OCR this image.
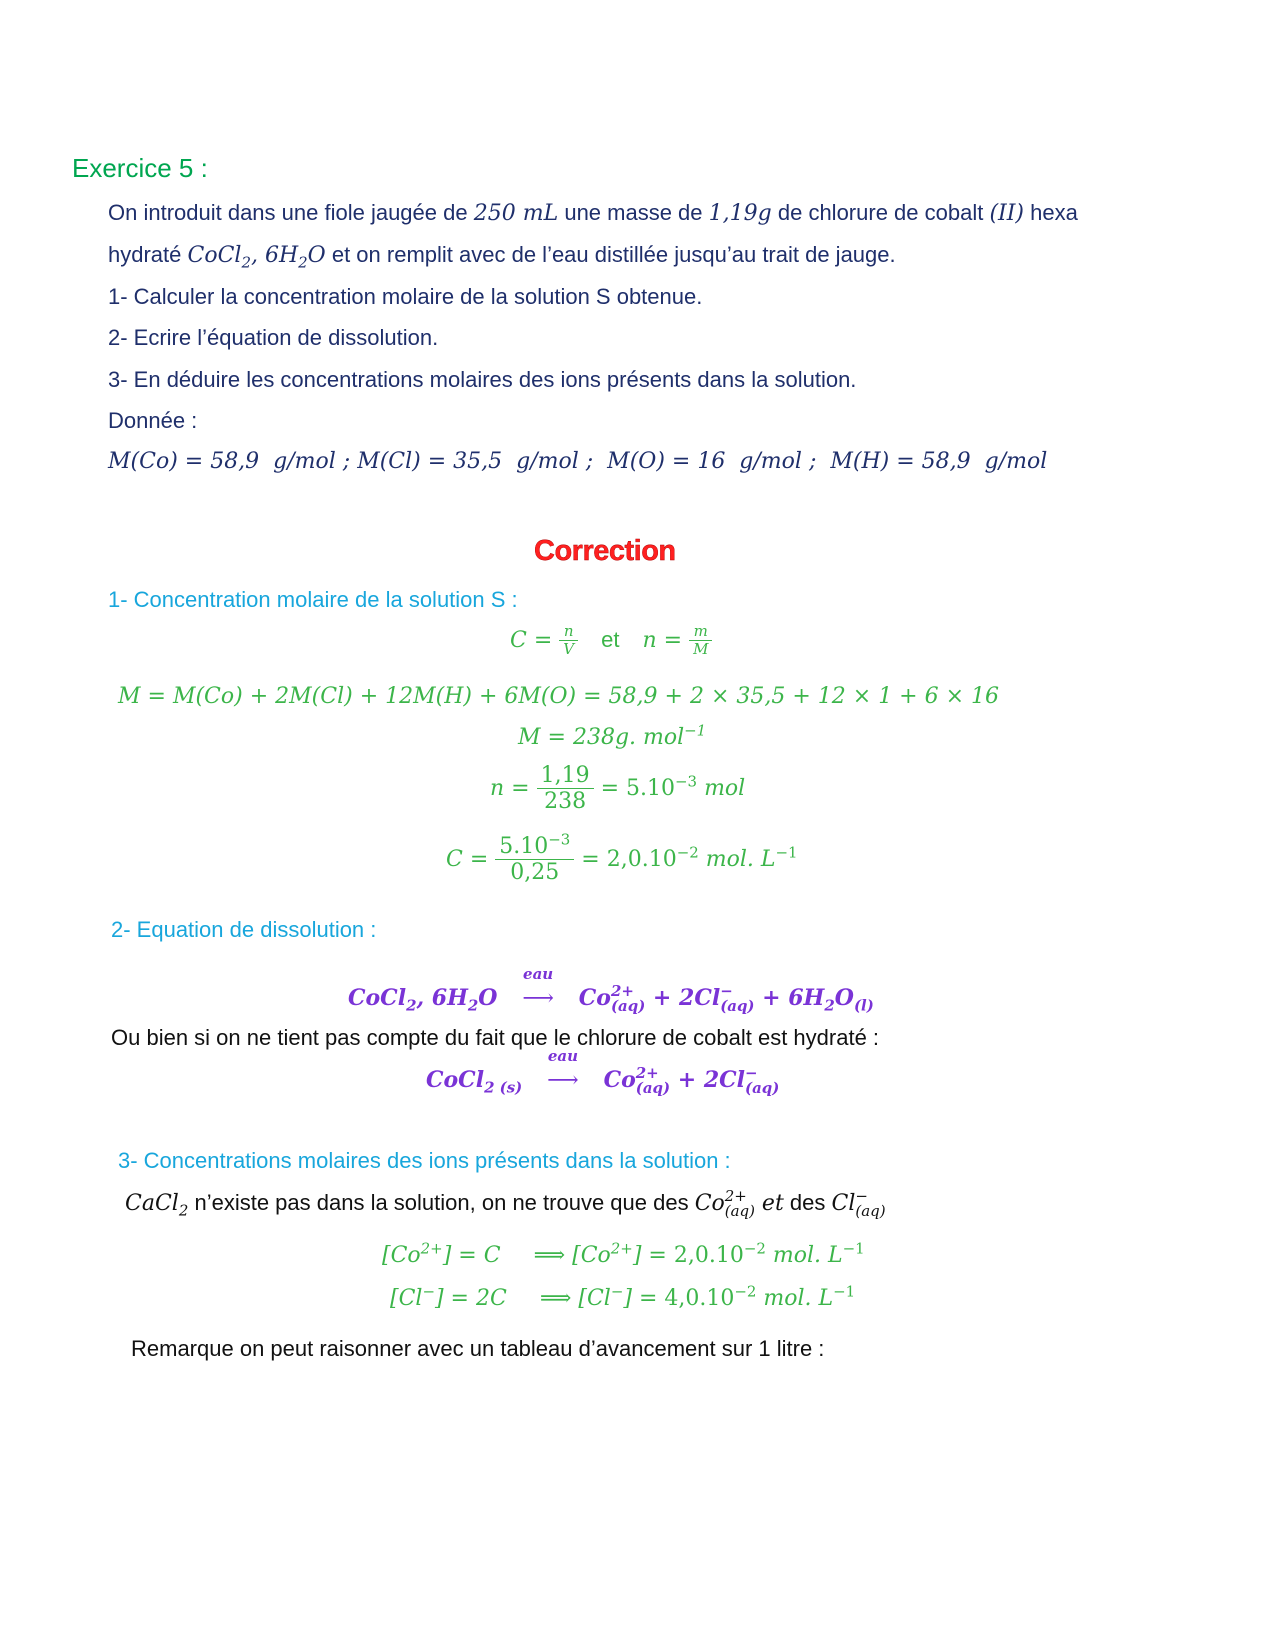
Exercice 5 :
On introduit dans une fiole jaugée de 250 mL une masse de 1,19g de chlorure de cobalt (II) hexa
hydraté CoCl$_2$, $6H_2O$ et on remplit avec de l’eau distillée jusqu’au trait de jauge.
1- Calculer la concentration molaire de la solution S obtenue.
2- Ecrire l’équation de dissolution.
3- En déduire les concentrations molaires des ions présents dans la solution.
Donnée :
M(Co) = 58,9  g/mol ; M(Cl) = 35,5  g/mol ;  M(O) = 16  g/mol ;  M(H) = 58,9  g/mol
Correction
1- Concentration molaire de la solution S :
$C = \frac{n}{V}$ et $n = \frac{m}{M}$
M = M(Co) + 2M(Cl) + 12M(H) + 6M(O) = 58,9 + 2 × 35,5 + 12 × 1 + 6 × 16
M = 238g. mol$^{-1}$
$n = \frac{1,19}{238} = 5.10^{-3}$ mol
$C = \frac{5.10^{-3}}{0,25} = 2,0.10^{-2}$ mol. $L^{-1}$
2- Equation de dissolution :
CoCl$_2$, $6H_2O$
eau
⟶ Co 2+
(aq) + 2Cl −
$(aq) + 6H_2O_{(l)}$
Ou bien si on ne tient pas compte du fait que le chlorure de cobalt est hydraté :
CoCl$_{2 (s)}$
eau
⟶ Co 2+
(aq) + 2Cl −
(aq)
3- Concentrations molaires des ions présents dans la solution :
CaCl$_2$ n’existe pas dans la solution, on ne trouve que des Co 2+
(aq) et des Cl −
(aq)
$[Co^{2+}] = C$ ⟹ $[Co^{2+}] = 2,0.10^{-2}$ mol. $L^{-1}$
[Cl−] = 2C ⟹ $[Cl^-] = 4,0.10^{-2}$ mol. $L^{-1}$
Remarque on peut raisonner avec un tableau d’avancement sur 1 litre :
